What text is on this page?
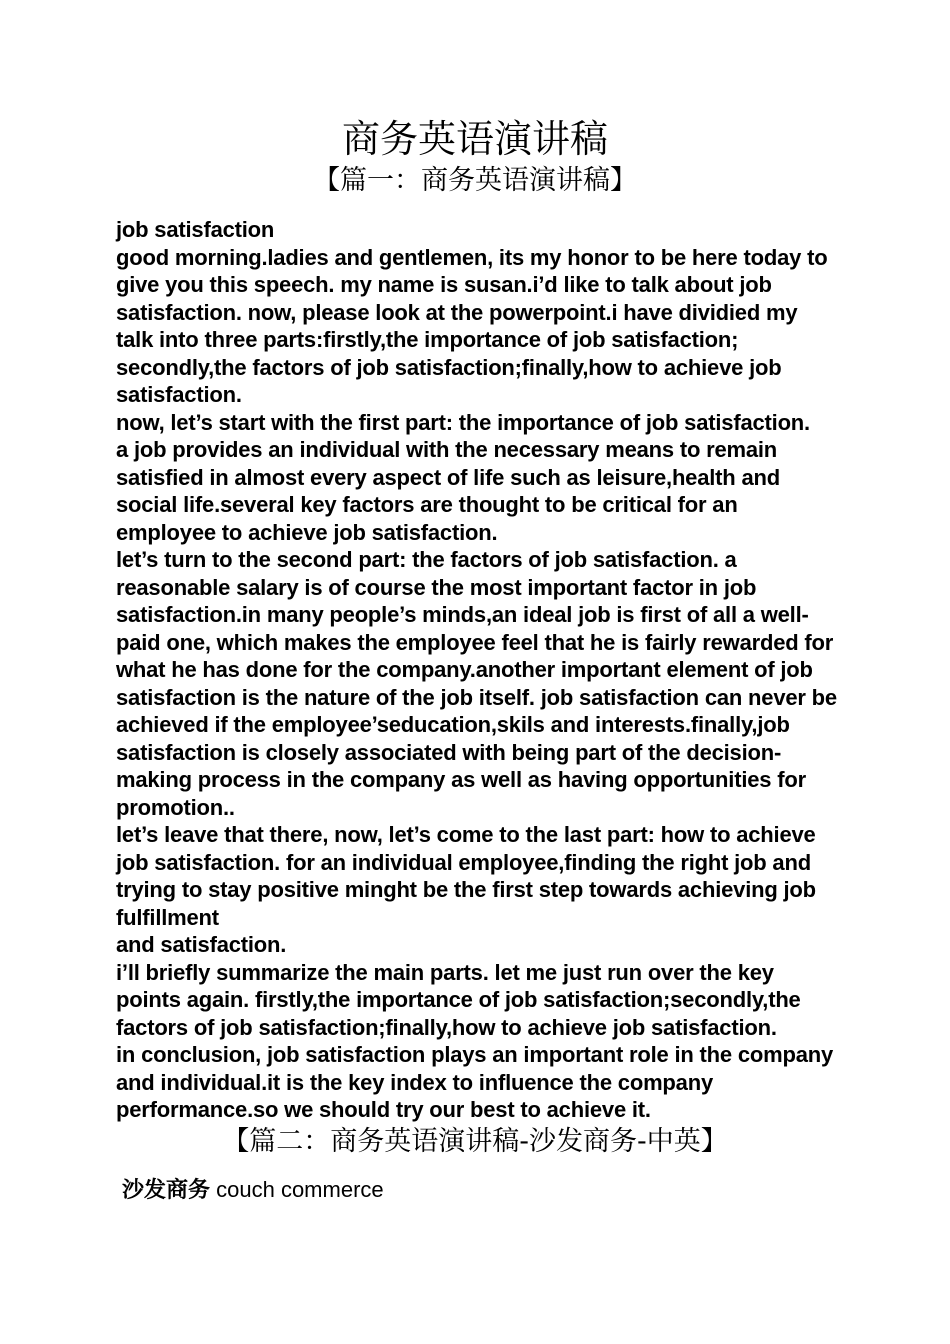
商务英语演讲稿
【篇一：商务英语演讲稿】

job satisfaction

good morning.ladies and gentlemen, its my honor to be here today to give you this speech. my name is susan.i’d like to talk about job satisfaction. now, please look at the powerpoint.i have dividied my talk into three parts:firstly,the importance of job satisfaction; secondly,the factors of job satisfaction;finally,how to achieve job satisfaction.

now, let’s start with the first part: the importance of job satisfaction.

a job provides an individual with the necessary means to remain satisfied in almost every aspect of life such as leisure,health and social life.several key factors are thought to be critical for an employee to achieve job satisfaction.

let’s turn to the second part: the factors of job satisfaction. a reasonable salary is of course the most important factor in job satisfaction.in many people’s minds,an ideal job is first of all a well-paid one, which makes the employee feel that he is fairly rewarded for what he has done for the company.another important element of job satisfaction is the nature of the job itself. job satisfaction can never be achieved if the employee’seducation,skils and interests.finally,job satisfaction is closely associated with being part of the decision-making process in the company as well as having opportunities for promotion..

let’s leave that there, now, let’s come to the last part: how to achieve job satisfaction. for an individual employee,finding the right job and trying to stay positive minght be the first step towards achieving job fulfillment

and satisfaction.

i’ll briefly summarize the main parts. let me just run over the key points again. firstly,the importance of job satisfaction;secondly,the factors of job satisfaction;finally,how to achieve job satisfaction.

in conclusion, job satisfaction plays an important role in the company and individual.it is the key index to influence the company performance.so we should try our best to achieve it.

【篇二：商务英语演讲稿-沙发商务-中英】
沙发商务 couch commerce
